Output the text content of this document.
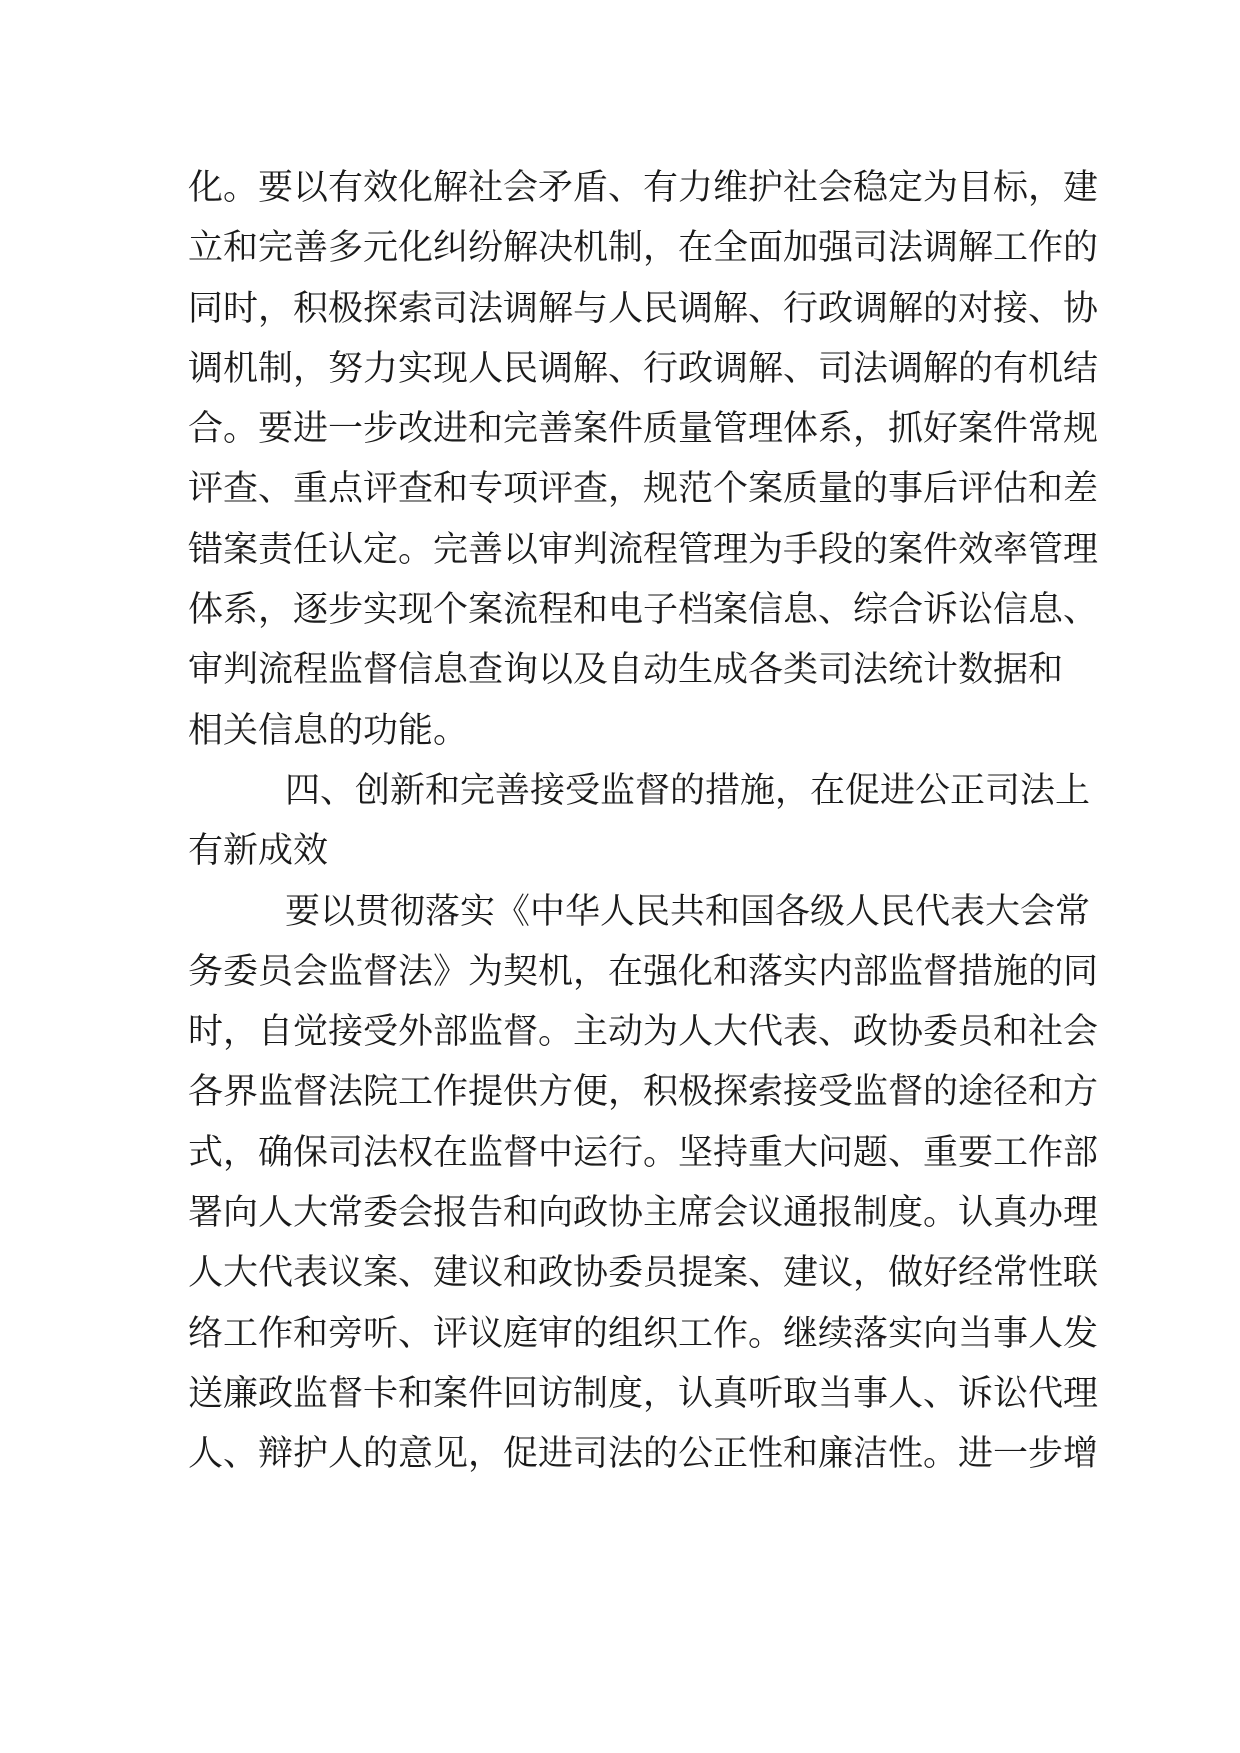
化。要以有效化解社会矛盾、有力维护社会稳定为目标，建
立和完善多元化纠纷解决机制，在全面加强司法调解工作的
同时，积极探索司法调解与人民调解、行政调解的对接、协
调机制，努力实现人民调解、行政调解、司法调解的有机结
合。要进一步改进和完善案件质量管理体系，抓好案件常规
评查、重点评查和专项评查，规范个案质量的事后评估和差
错案责任认定。完善以审判流程管理为手段的案件效率管理
体系，逐步实现个案流程和电子档案信息、综合诉讼信息、
审判流程监督信息查询以及自动生成各类司法统计数据和
相关信息的功能。
四、创新和完善接受监督的措施，在促进公正司法上
有新成效
要以贯彻落实《中华人民共和国各级人民代表大会常
务委员会监督法》为契机，在强化和落实内部监督措施的同
时，自觉接受外部监督。主动为人大代表、政协委员和社会
各界监督法院工作提供方便，积极探索接受监督的途径和方
式，确保司法权在监督中运行。坚持重大问题、重要工作部
署向人大常委会报告和向政协主席会议通报制度。认真办理
人大代表议案、建议和政协委员提案、建议，做好经常性联
络工作和旁听、评议庭审的组织工作。继续落实向当事人发
送廉政监督卡和案件回访制度，认真听取当事人、诉讼代理
人、辩护人的意见，促进司法的公正性和廉洁性。进一步增
